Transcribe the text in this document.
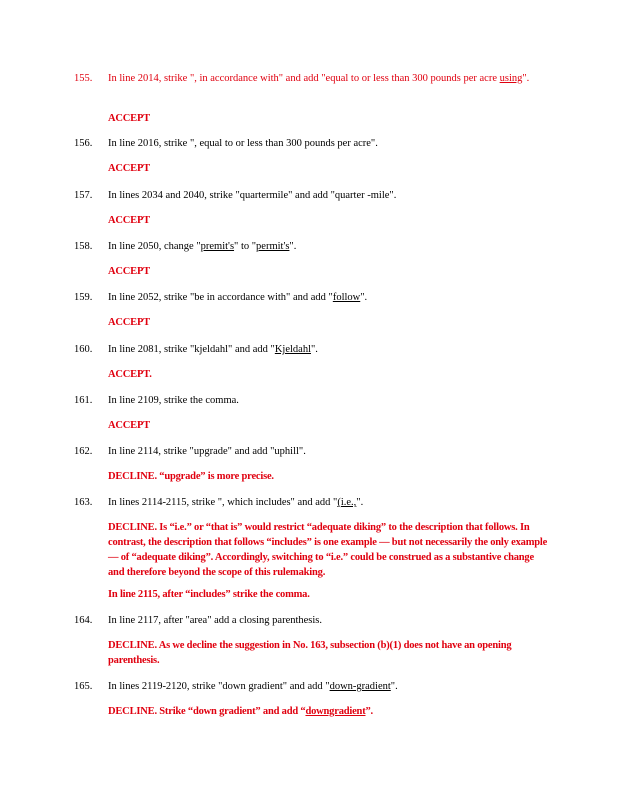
155. In line 2014, strike ", in accordance with" and add "equal to or less than 300 pounds per acre using".
ACCEPT
156. In line 2016, strike ", equal to or less than 300 pounds per acre".
ACCEPT
157. In lines 2034 and 2040, strike "quartermile" and add "quarter -mile".
ACCEPT
158. In line 2050, change "premit's" to "permit's".
ACCEPT
159. In line 2052, strike "be in accordance with" and add "follow".
ACCEPT
160. In line 2081, strike "kjeldahl" and add "Kjeldahl".
ACCEPT.
161. In line 2109, strike the comma.
ACCEPT
162. In line 2114, strike "upgrade" and add "uphill".
DECLINE. “upgrade” is more precise.
163. In lines 2114-2115, strike ", which includes" and add "(i.e.,".
DECLINE. Is “i.e.” or “that is” would restrict “adequate diking” to the description that follows. In contrast, the description that follows “includes” is one example — but not necessarily the only example — of “adequate diking”. Accordingly, switching to “i.e.” could be construed as a substantive change and therefore beyond the scope of this rulemaking.
In line 2115, after “includes” strike the comma.
164. In line 2117, after "area" add a closing parenthesis.
DECLINE. As we decline the suggestion in No. 163, subsection (b)(1) does not have an opening parenthesis.
165. In lines 2119-2120, strike "down gradient" and add "down-gradient".
DECLINE. Strike “down gradient” and add “downgradient”.
